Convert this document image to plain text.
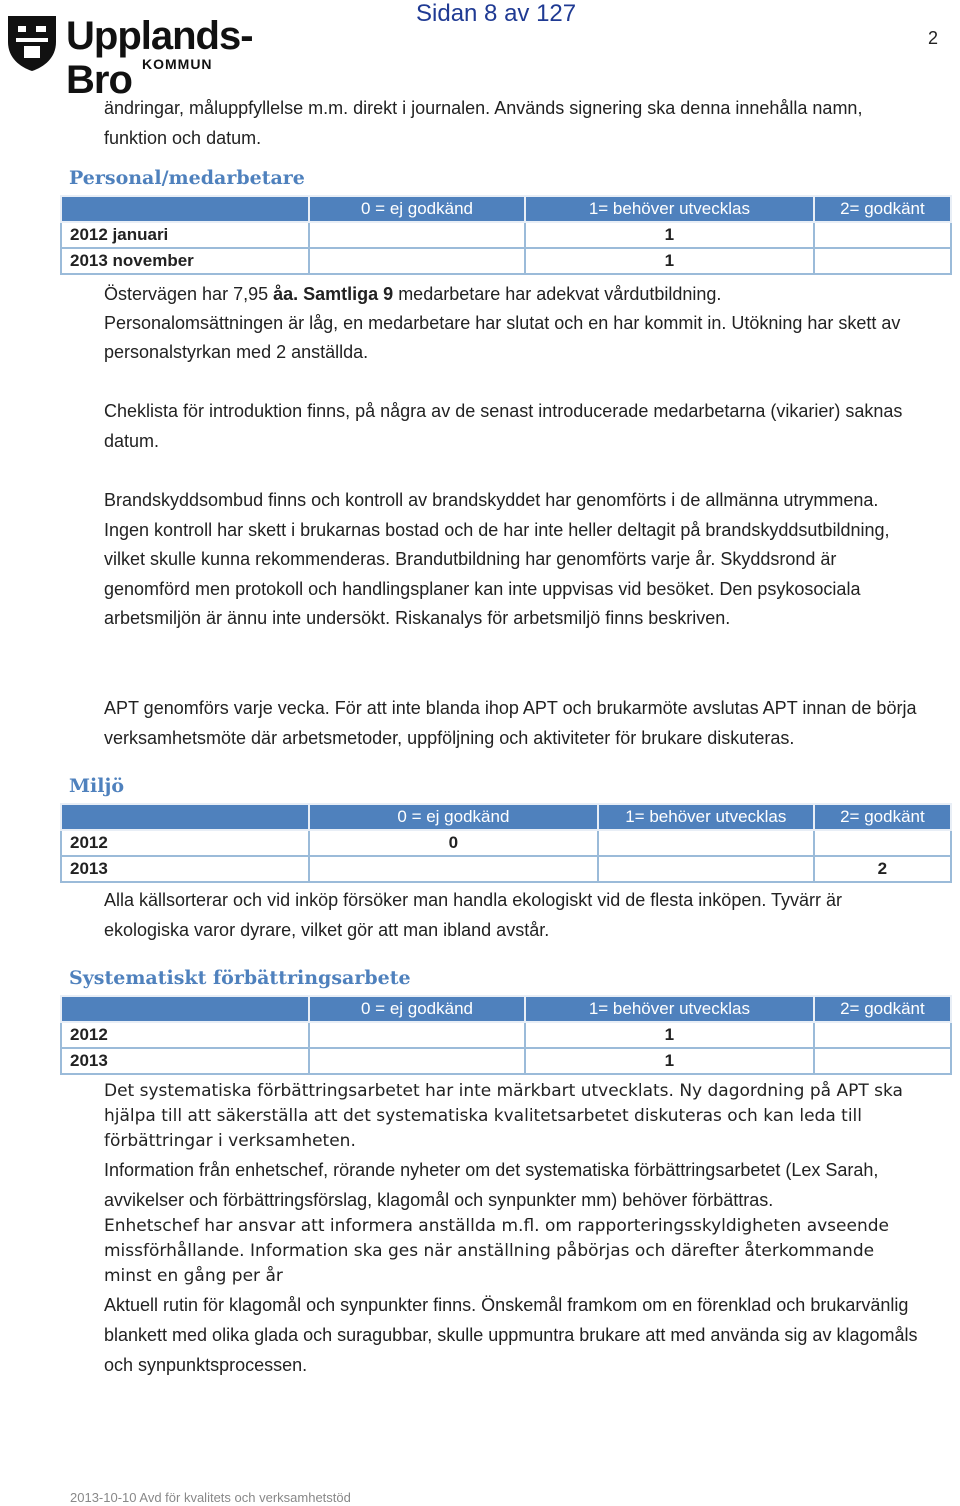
Upplands-Bro KOMMUN
Sidan 8 av 127
2
ändringar, måluppfyllelse m.m. direkt i journalen. Används signering ska denna innehålla namn,
funktion och datum.
Personal/medarbetare
	0 = ej godkänd	1= behöver utvecklas	2= godkänt
2012 januari		1	
2013 november		1	
Östervägen har 7,95 åa. Samtliga 9 medarbetare har adekvat vårdutbildning.
Personalomsättningen är låg, en medarbetare har slutat och en har kommit in. Utökning har skett av personalstyrkan med 2 anställda.
Cheklista för introduktion finns, på några av de senast introducerade medarbetarna (vikarier) saknas datum.
Brandskyddsombud finns och kontroll av brandskyddet har genomförts i de allmänna utrymmena. Ingen kontroll har skett i brukarnas bostad och de har inte heller deltagit på brandskyddsutbildning, vilket skulle kunna rekommenderas. Brandutbildning har genomförts varje år. Skyddsrond är genomförd men protokoll och handlingsplaner kan inte uppvisas vid besöket. Den psykosociala arbetsmiljön är ännu inte undersökt. Riskanalys för arbetsmiljö finns beskriven.
APT genomförs varje vecka. För att inte blanda ihop APT och brukarmöte avslutas APT innan de börja verksamhetsmöte där arbetsmetoder, uppföljning och aktiviteter för brukare diskuteras.
Miljö
	0 = ej godkänd	1= behöver utvecklas	2= godkänt
2012	0		
2013			2
Alla källsorterar och vid inköp försöker man handla ekologiskt vid de flesta inköpen. Tyvärr är ekologiska varor dyrare, vilket gör att man ibland avstår.
Systematiskt förbättringsarbete
	0 = ej godkänd	1= behöver utvecklas	2= godkänt
2012		1	
2013		1	
Det systematiska förbättringsarbetet har inte märkbart utvecklats. Ny dagordning på APT ska hjälpa till att säkerställa att det systematiska kvalitetsarbetet diskuteras och kan leda till förbättringar i verksamheten.
Information från enhetschef, rörande nyheter om det systematiska förbättringsarbetet (Lex Sarah, avvikelser och förbättringsförslag, klagomål och synpunkter mm) behöver förbättras.
Enhetschef har ansvar att informera anställda m.fl. om rapporteringsskyldigheten avseende missförhållande. Information ska ges när anställning påbörjas och därefter återkommande minst en gång per år
Aktuell rutin för klagomål och synpunkter finns. Önskemål framkom om en förenklad och brukarvänlig blankett med olika glada och suragubbar, skulle uppmuntra brukare att med använda sig av klagomåls och synpunktsprocessen.
2013-10-10 Avd för kvalitets och verksamhetstöd
